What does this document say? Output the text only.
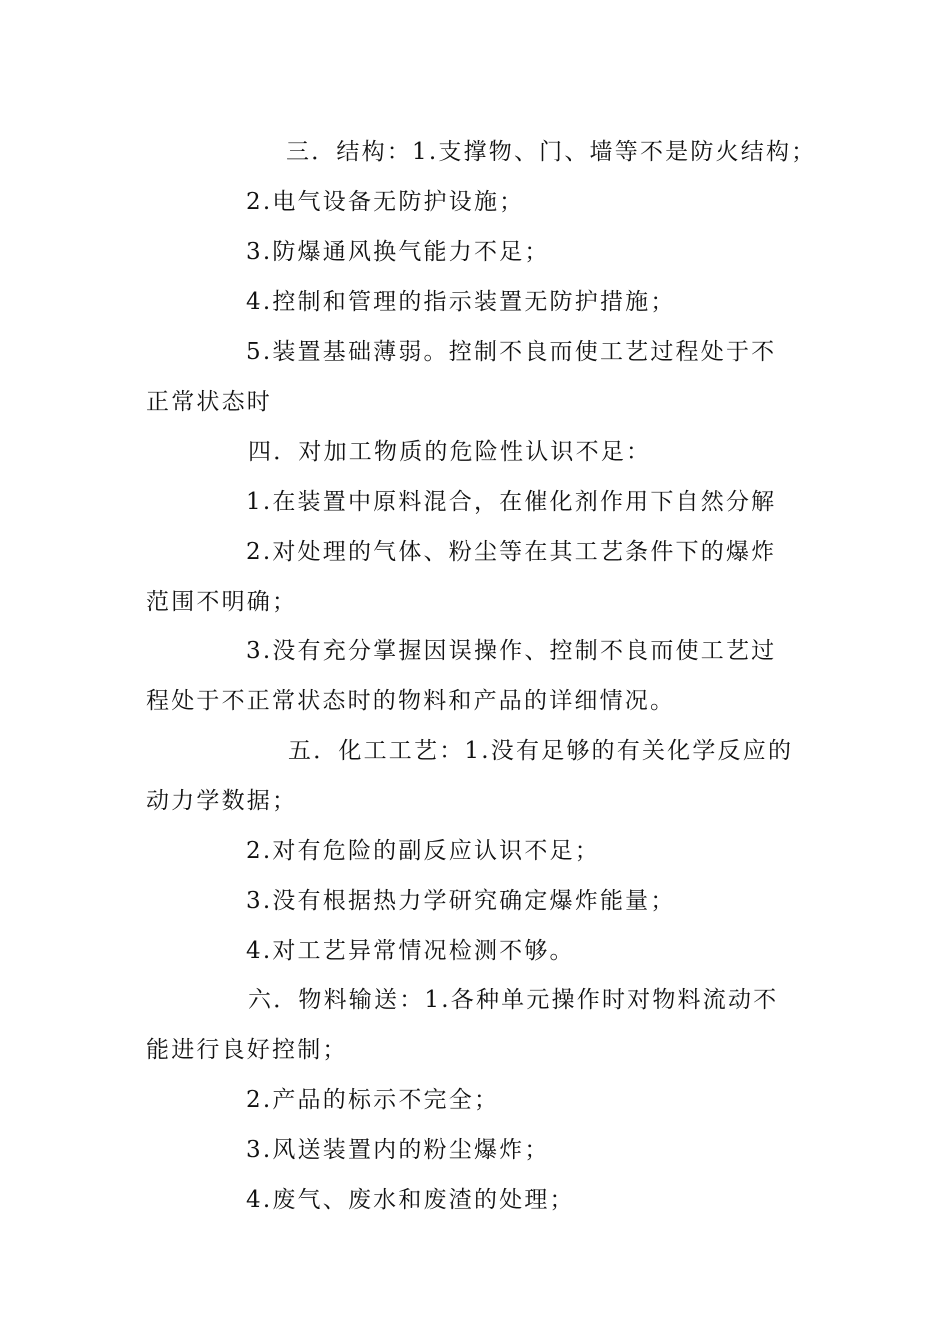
三．结构：1.支撑物、门、墙等不是防火结构；
2.电气设备无防护设施；
3.防爆通风换气能力不足；
4.控制和管理的指示装置无防护措施；
5.装置基础薄弱。控制不良而使工艺过程处于不
正常状态时
四．对加工物质的危险性认识不足：
1.在装置中原料混合，在催化剂作用下自然分解
2.对处理的气体、粉尘等在其工艺条件下的爆炸
范围不明确；
3.没有充分掌握因误操作、控制不良而使工艺过
程处于不正常状态时的物料和产品的详细情况。
五．化工工艺：1.没有足够的有关化学反应的
动力学数据；
2.对有危险的副反应认识不足；
3.没有根据热力学研究确定爆炸能量；
4.对工艺异常情况检测不够。
六．物料输送：1.各种单元操作时对物料流动不
能进行良好控制；
2.产品的标示不完全；
3.风送装置内的粉尘爆炸；
4.废气、废水和废渣的处理；
